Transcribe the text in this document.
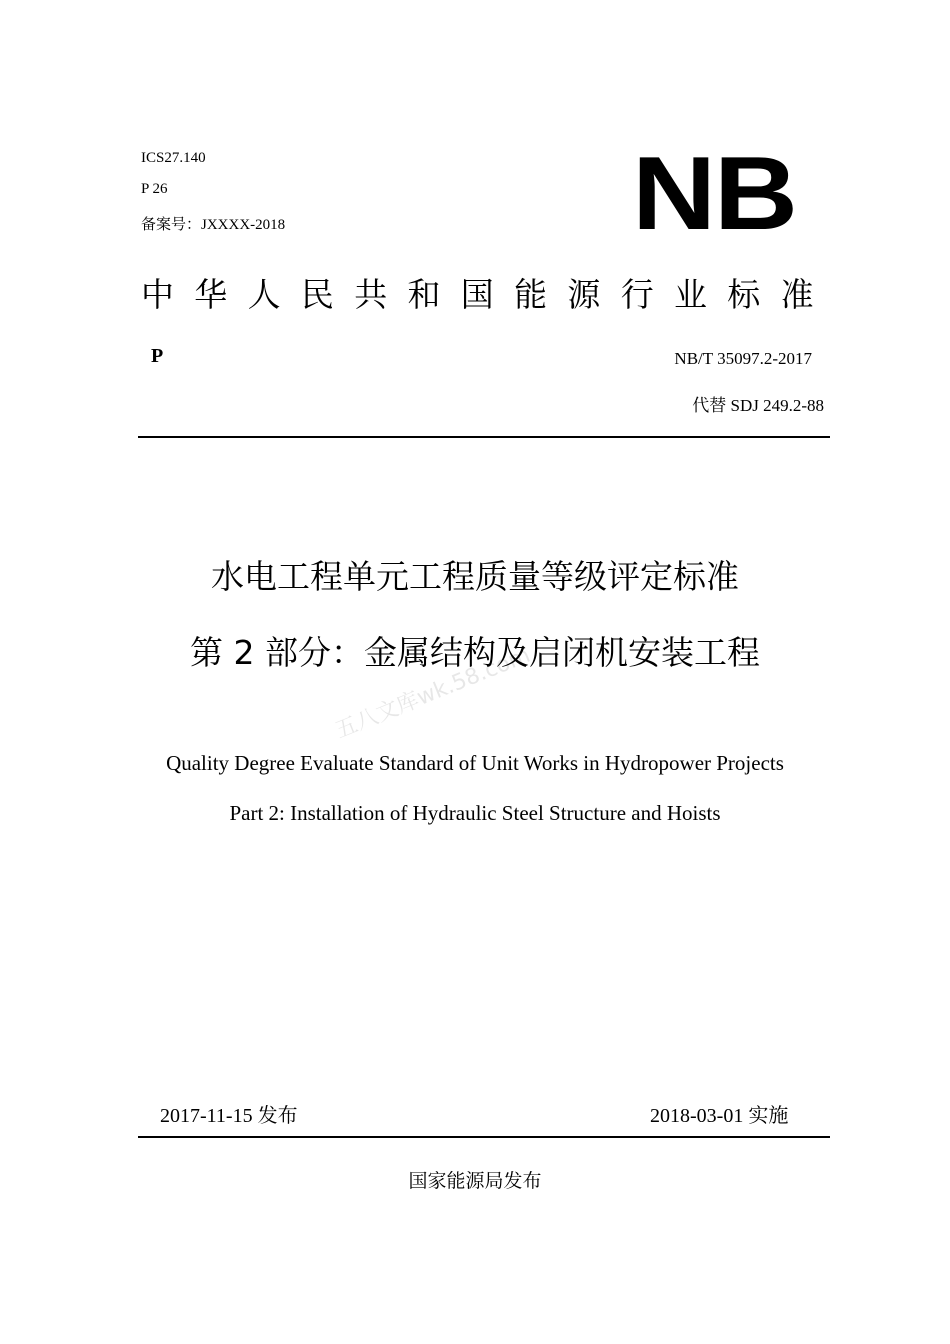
ICS27.140
P 26
备案号：JXXXX-2018	NB
中华人民共和国能源行业标准
P	NB/T 35097.2-2017
代替 SDJ 249.2-88
水电工程单元工程质量等级评定标准
第 2 部分：金属结构及启闭机安装工程
五八文库wk.58.com
Quality Degree Evaluate Standard of Unit Works in Hydropower Projects
Part 2: Installation of Hydraulic Steel Structure and Hoists
2017-11-15 发布	2018-03-01 实施
国家能源局发布
